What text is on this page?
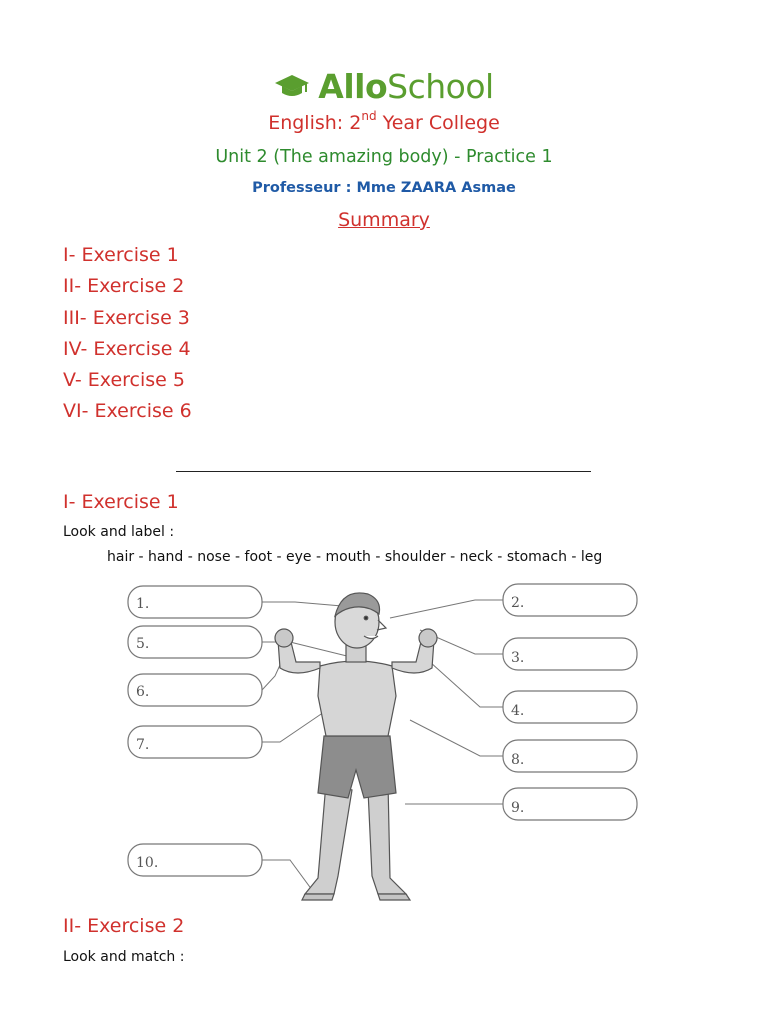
AlloSchool
English: 2nd Year College
Unit 2 (The amazing body) - Practice 1
Professeur : Mme ZAARA Asmae
Summary
I- Exercise 1
II- Exercise 2
III- Exercise 3
IV- Exercise 4
V- Exercise 5
VI- Exercise 6
I- Exercise 1
Look and label :
hair - hand - nose - foot - eye - mouth - shoulder - neck - stomach - leg
1.	2.
3.
4.
5.
6.
7.
8.
9.
10.
II- Exercise 2
Look and match :
